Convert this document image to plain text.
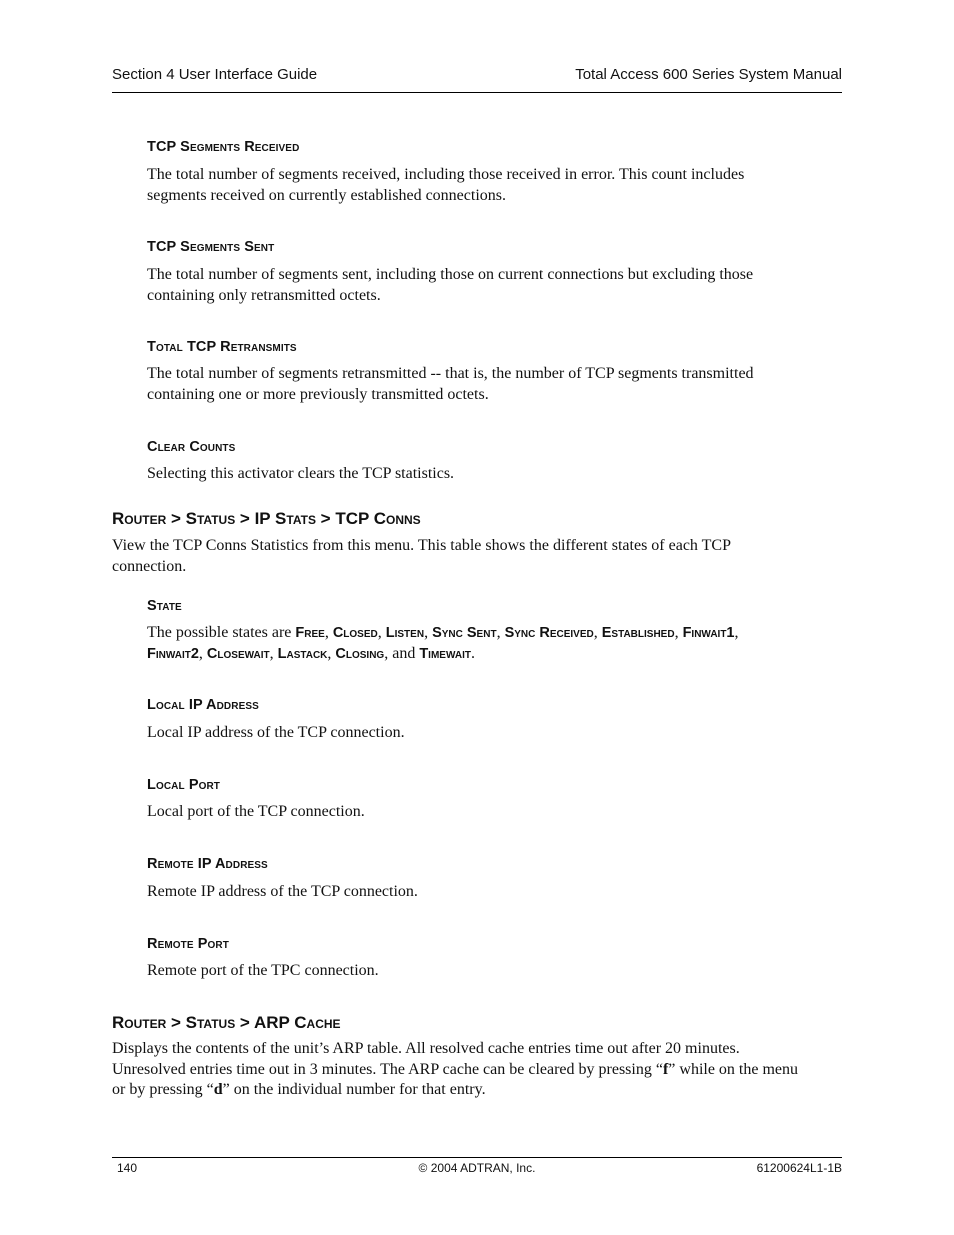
Section 4 User Interface Guide	Total Access 600 Series System Manual
TCP Segments Received
The total number of segments received, including those received in error. This count includes
segments received on currently established connections.
TCP Segments Sent
The total number of segments sent, including those on current connections but excluding those
containing only retransmitted octets.
Total TCP Retransmits
The total number of segments retransmitted -- that is, the number of TCP segments transmitted
containing one or more previously transmitted octets.
Clear Counts
Selecting this activator clears the TCP statistics.
Router > Status > IP Stats > TCP Conns
View the TCP Conns Statistics from this menu. This table shows the different states of each TCP
connection.
State
The possible states are Free, Closed, Listen, Sync Sent, Sync Received, Established, Finwait1,
Finwait2, Closewait, Lastack, Closing, and Timewait.
Local IP Address
Local IP address of the TCP connection.
Local Port
Local port of the TCP connection.
Remote IP Address
Remote IP address of the TCP connection.
Remote Port
Remote port of the TPC connection.
Router > Status > ARP Cache
Displays the contents of the unit’s ARP table. All resolved cache entries time out after 20 minutes.
Unresolved entries time out in 3 minutes. The ARP cache can be cleared by pressing “f” while on the menu
or by pressing “d” on the individual number for that entry.
140	© 2004 ADTRAN, Inc.	61200624L1-1B
